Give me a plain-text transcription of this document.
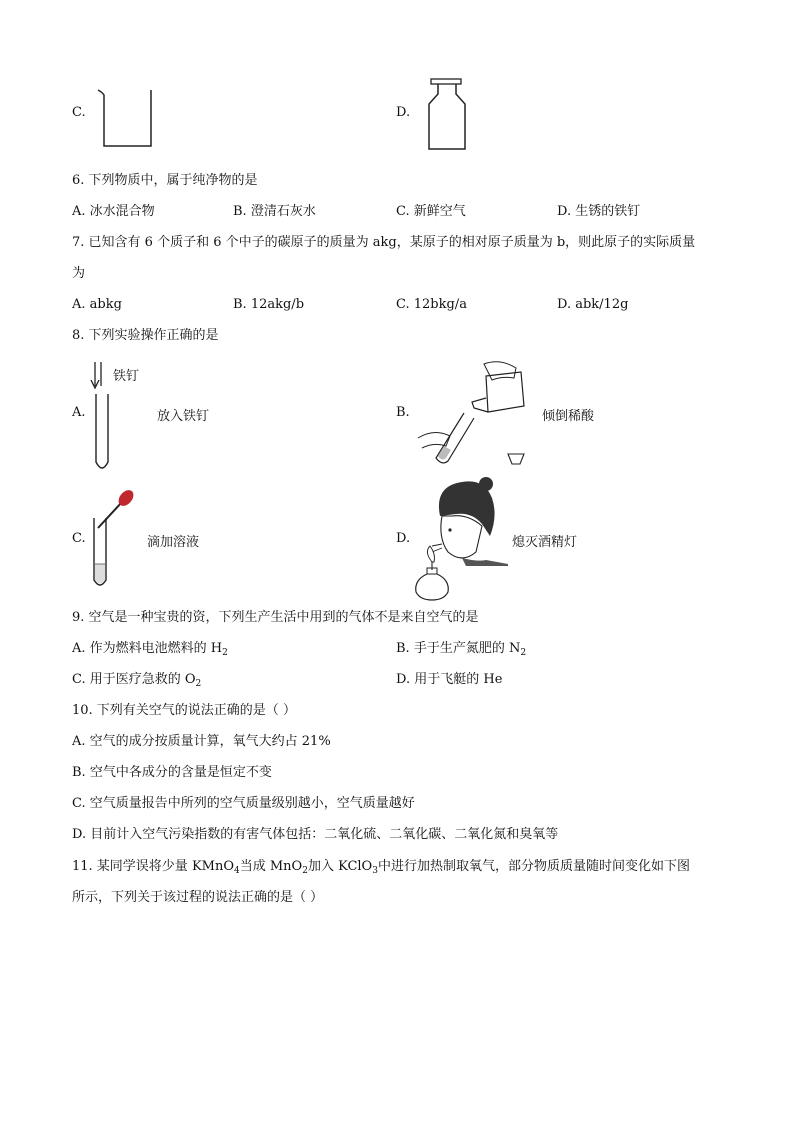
C.	D.
6. 下列物质中，属于纯净物的是
A. 冰水混合物	B. 澄清石灰水	C. 新鲜空气	D. 生锈的铁钉
7. 已知含有 6 个质子和 6 个中子的碳原子的质量为 akg，某原子的相对原子质量为 b，则此原子的实际质量
为
A. abkg	B. 12akg/b	C. 12bkg/a	D. abk/12g
8. 下列实验操作正确的是
铁钉
A.	放入铁钉	B.	倾倒稀酸
C.	滴加溶液	D.	熄灭酒精灯
9. 空气是一种宝贵的资，下列生产生活中用到的气体不是来自空气的是
A. 作为燃料电池燃料的 $H_2$	B. 手于生产氮肥的 $N_2$
C. 用于医疗急救的 $O_2$	D. 用于飞艇的 He
10. 下列有关空气的说法正确的是（ ）
A. 空气的成分按质量计算，氧气大约占 21%
B. 空气中各成分的含量是恒定不变
C. 空气质量报告中所列的空气质量级别越小，空气质量越好
D. 目前计入空气污染指数的有害气体包括：二氧化硫、二氧化碳、二氧化氮和臭氧等
11. 某同学误将少量 KMnO$_4$当成 MnO$_2$加入 KClO$_3$中进行加热制取氧气，部分物质质量随时间变化如下图
所示，下列关于该过程的说法正确的是（ ）
